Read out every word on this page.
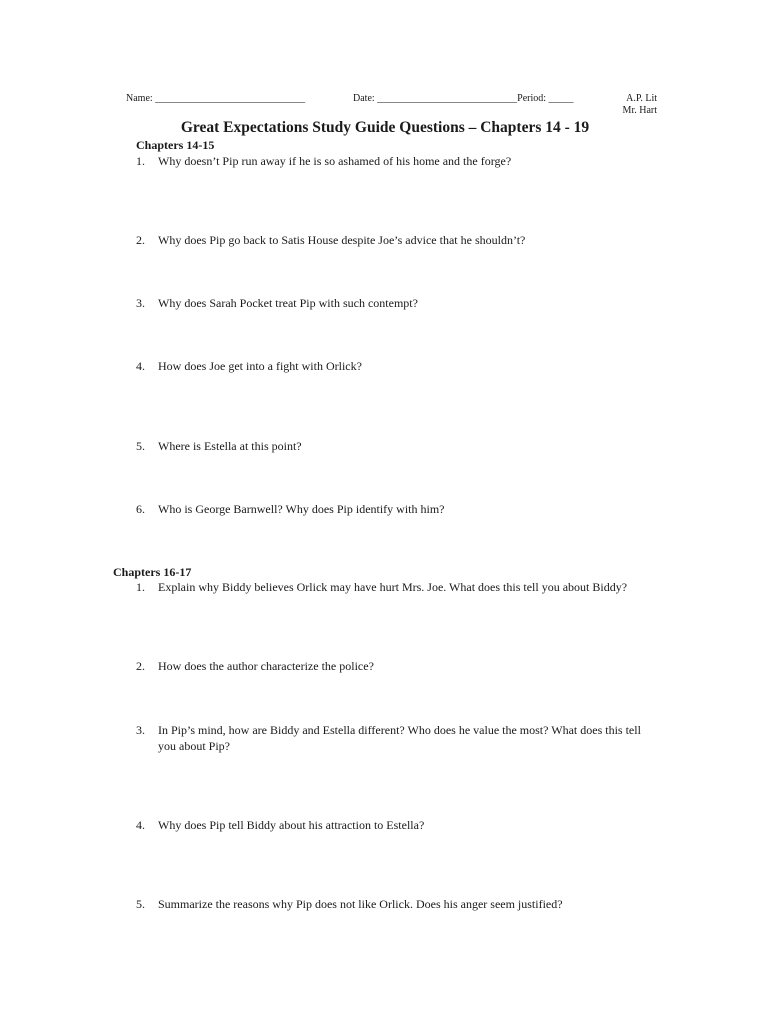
Name: ______________________________	Date: ____________________________Period: _____	A.P. Lit
Mr. Hart
Great Expectations Study Guide Questions – Chapters 14 - 19
Chapters 14-15
1.	Why doesn’t Pip run away if he is so ashamed of his home and the forge?
2.	Why does Pip go back to Satis House despite Joe’s advice that he shouldn’t?
3.	Why does Sarah Pocket treat Pip with such contempt?
4.	How does Joe get into a fight with Orlick?
5.	Where is Estella at this point?
6.	Who is George Barnwell? Why does Pip identify with him?
Chapters 16-17
1.	Explain why Biddy believes Orlick may have hurt Mrs. Joe. What does this tell you about Biddy?
2.	How does the author characterize the police?
3.	In Pip’s mind, how are Biddy and Estella different? Who does he value the most? What does this tell you about Pip?
4.	Why does Pip tell Biddy about his attraction to Estella?
5.	Summarize the reasons why Pip does not like Orlick. Does his anger seem justified?
